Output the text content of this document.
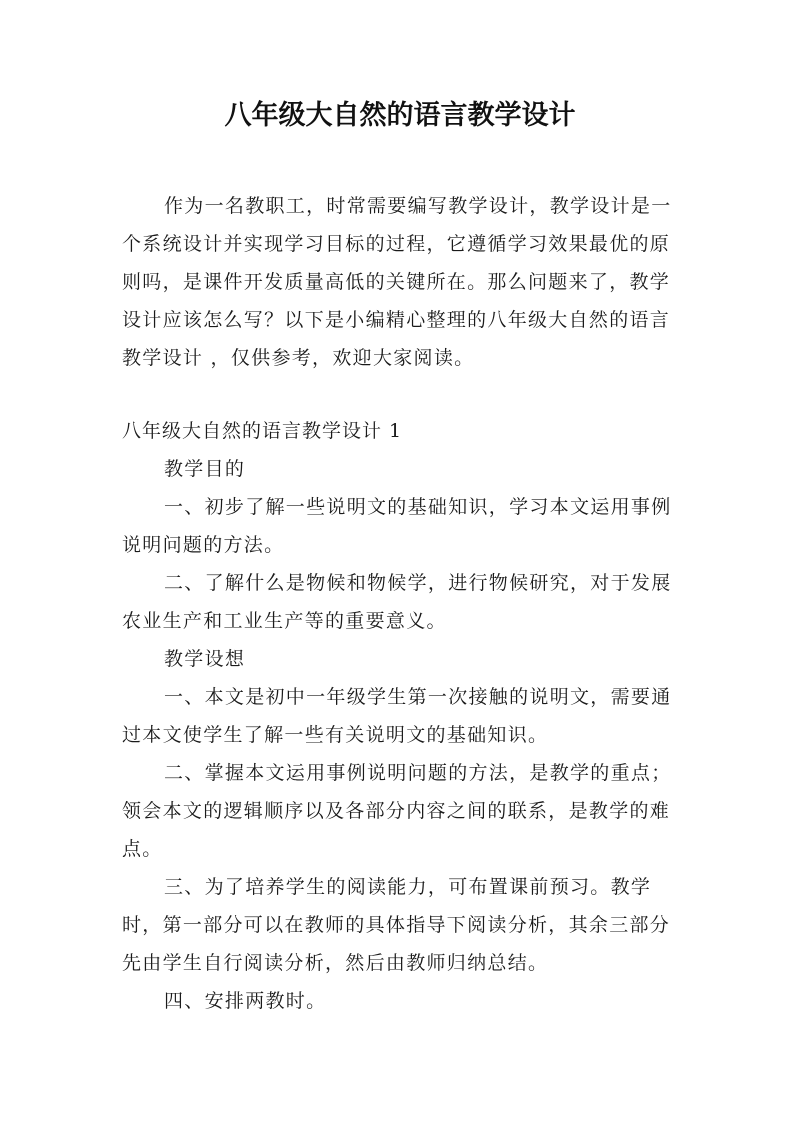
八年级大自然的语言教学设计

作为一名教职工，时常需要编写教学设计，教学设计是一个系统设计并实现学习目标的过程，它遵循学习效果最优的原则吗，是课件开发质量高低的关键所在。那么问题来了，教学设计应该怎么写？以下是小编精心整理的八年级大自然的语言教学设计 ，仅供参考，欢迎大家阅读。

八年级大自然的语言教学设计 1

教学目的

一、初步了解一些说明文的基础知识，学习本文运用事例说明问题的方法。

二、了解什么是物候和物候学，进行物候研究，对于发展农业生产和工业生产等的重要意义。

教学设想

一、本文是初中一年级学生第一次接触的说明文，需要通过本文使学生了解一些有关说明文的基础知识。

二、掌握本文运用事例说明问题的方法，是教学的重点；领会本文的逻辑顺序以及各部分内容之间的联系，是教学的难点。

三、为了培养学生的阅读能力，可布置课前预习。教学时，第一部分可以在教师的具体指导下阅读分析，其余三部分先由学生自行阅读分析，然后由教师归纳总结。

四、安排两教时。
